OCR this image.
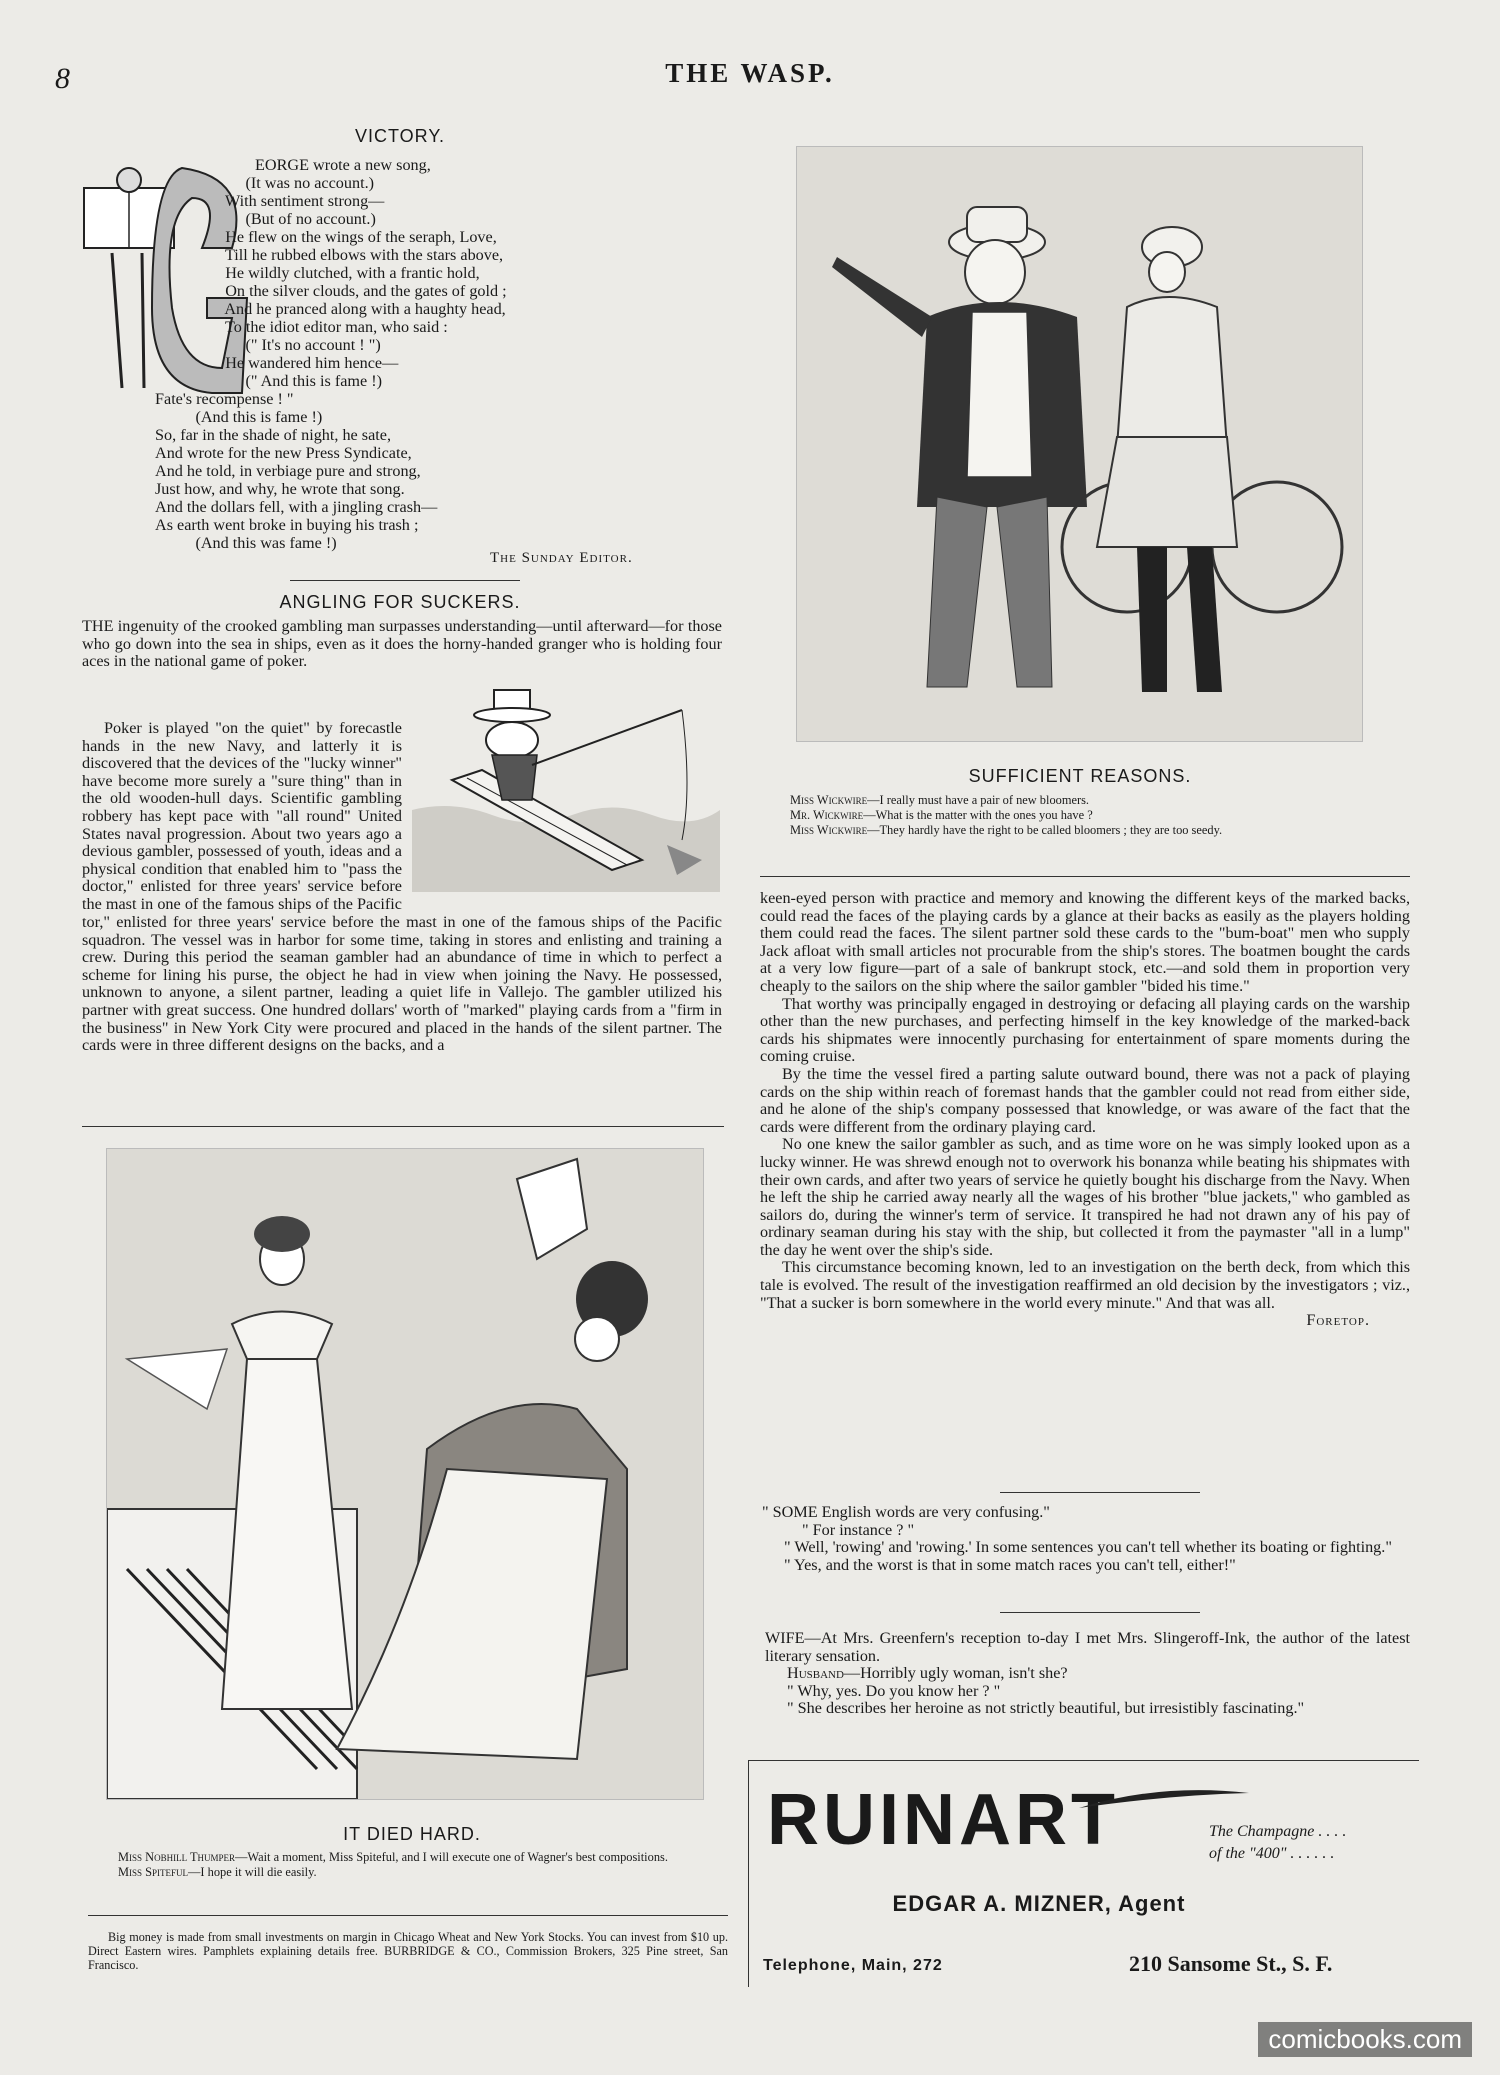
8	THE WASP.
VICTORY.
EORGE wrote a new song,
(It was no account.)
With sentiment strong—
(But of no account.)
He flew on the wings of the seraph, Love,
Till he rubbed elbows with the stars above,
He wildly clutched, with a frantic hold,
On the silver clouds, and the gates of gold ;
And he pranced along with a haughty head,
To the idiot editor man, who said :
(" It's no account ! ")
He wandered him hence—
(" And this is fame !)
Fate's recompense ! "
(And this is fame !)
So, far in the shade of night, he sate,
And wrote for the new Press Syndicate,
And he told, in verbiage pure and strong,
Just how, and why, he wrote that song.
And the dollars fell, with a jingling crash—
As earth went broke in buying his trash ;
(And this was fame !)
The Sunday Editor.
ANGLING FOR SUCKERS.

THE ingenuity of the crooked gambling man surpasses understanding—until afterward—for those who go down into the sea in ships, even as it does the horny-handed granger who is holding four aces in the national game of poker.

Poker is played "on the quiet" by forecastle hands in the new Navy, and latterly it is discovered that the devices of the "lucky winner" have become more surely a "sure thing" than in the old wooden-hull days. Scientific gambling robbery has kept pace with "all round" United States naval progression. About two years ago a devious gambler, possessed of youth, ideas and a physical condition that enabled him to "pass the doctor," enlisted for three years' service before the mast in one of the famous ships of the Pacific

tor," enlisted for three years' service before the mast in one of the famous ships of the Pacific squadron. The vessel was in harbor for some time, taking in stores and enlisting and training a crew. During this period the seaman gambler had an abundance of time in which to perfect a scheme for lining his purse, the object he had in view when joining the Navy. He possessed, unknown to anyone, a silent partner, leading a quiet life in Vallejo. The gambler utilized his partner with great success. One hundred dollars' worth of "marked" playing cards from a "firm in the business" in New York City were procured and placed in the hands of the silent partner. The cards were in three different designs on the backs, and a

IT DIED HARD.

Miss Nobhill Thumper—Wait a moment, Miss Spiteful, and I will execute one of Wagner's best compositions.

Miss Spiteful—I hope it will die easily.

Big money is made from small investments on margin in Chicago Wheat and New York Stocks. You can invest from $10 up. Direct Eastern wires. Pamphlets explaining details free. BURBRIDGE & CO., Commission Brokers, 325 Pine street, San Francisco.

SUFFICIENT REASONS.

Miss Wickwire—I really must have a pair of new bloomers.

Mr. Wickwire—What is the matter with the ones you have ?

Miss Wickwire—They hardly have the right to be called bloomers ; they are too seedy.

keen-eyed person with practice and memory and knowing the different keys of the marked backs, could read the faces of the playing cards by a glance at their backs as easily as the players holding them could read the faces. The silent partner sold these cards to the "bum-boat" men who supply Jack afloat with small articles not procurable from the ship's stores. The boatmen bought the cards at a very low figure—part of a sale of bankrupt stock, etc.—and sold them in proportion very cheaply to the sailors on the ship where the sailor gambler "bided his time."

That worthy was principally engaged in destroying or defacing all playing cards on the warship other than the new purchases, and perfecting himself in the key knowledge of the marked-back cards his shipmates were innocently purchasing for entertainment of spare moments during the coming cruise.

By the time the vessel fired a parting salute outward bound, there was not a pack of playing cards on the ship within reach of foremast hands that the gambler could not read from either side, and he alone of the ship's company possessed that knowledge, or was aware of the fact that the cards were different from the ordinary playing card.

No one knew the sailor gambler as such, and as time wore on he was simply looked upon as a lucky winner. He was shrewd enough not to overwork his bonanza while beating his shipmates with their own cards, and after two years of service he quietly bought his discharge from the Navy. When he left the ship he carried away nearly all the wages of his brother "blue jackets," who gambled as sailors do, during the winner's term of service. It transpired he had not drawn any of his pay of ordinary seaman during his stay with the ship, but collected it from the paymaster "all in a lump" the day he went over the ship's side.

This circumstance becoming known, led to an investigation on the berth deck, from which this tale is evolved. The result of the investigation reaffirmed an old decision by the investigators ; viz., "That a sucker is born somewhere in the world every minute." And that was all.

Foretop.

" SOME English words are very confusing."

" For instance ? "

" Well, 'rowing' and 'rowing.' In some sentences you can't tell whether its boating or fighting."

" Yes, and the worst is that in some match races you can't tell, either!"

WIFE—At Mrs. Greenfern's reception to-day I met Mrs. Slingeroff-Ink, the author of the latest literary sensation.

Husband—Horribly ugly woman, isn't she?

" Why, yes. Do you know her ? "

" She describes her heroine as not strictly beautiful, but irresistibly fascinating."

RUINART	The Champagne . . . .
of the "400" . . . . . .
EDGAR A. MIZNER, Agent
Telephone, Main, 272	210 Sansome St., S. F.
comicbooks.com
